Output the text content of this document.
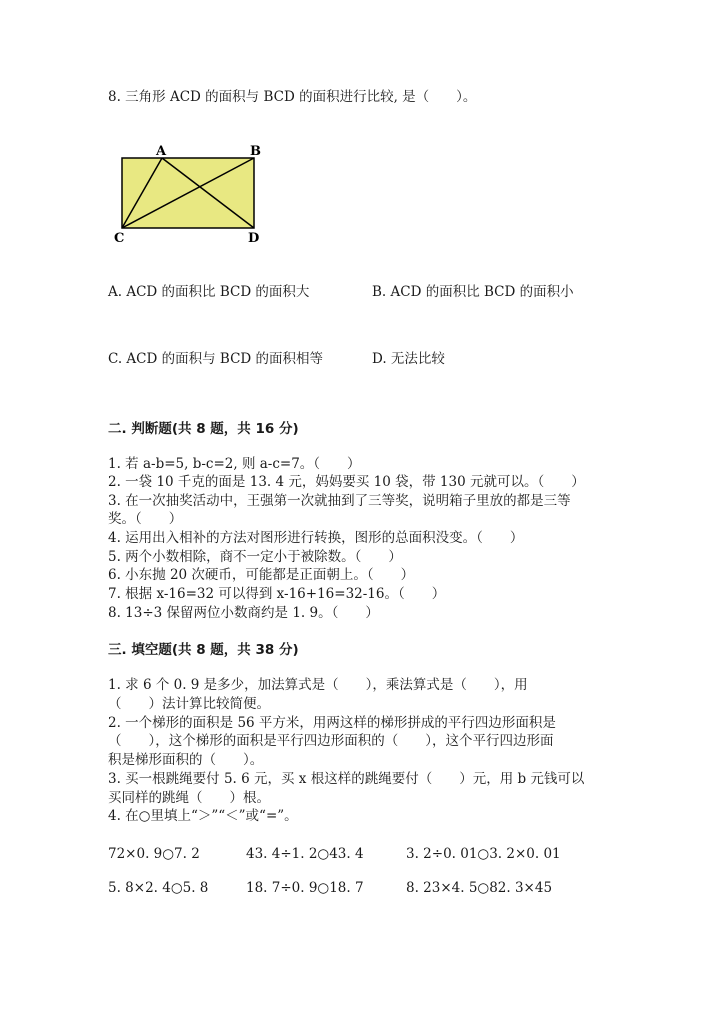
8. 三角形 ACD 的面积与 BCD 的面积进行比较, 是（　　）。
A	B
C	D
A. ACD 的面积比 BCD 的面积大	B. ACD 的面积比 BCD 的面积小
C. ACD 的面积与 BCD 的面积相等	D. 无法比较
二. 判断题(共 8 题，共 16 分)
1. 若 a-b=5, b-c=2, 则 a-c=7。（　　）
2. 一袋 10 千克的面是 13. 4 元，妈妈要买 10 袋，带 130 元就可以。（　　）
3. 在一次抽奖活动中，王强第一次就抽到了三等奖，说明箱子里放的都是三等
奖。（　　）
4. 运用出入相补的方法对图形进行转换，图形的总面积没变。（　　）
5. 两个小数相除，商不一定小于被除数。（　　）
6. 小东抛 20 次硬币，可能都是正面朝上。（　　）
7. 根据 x-16=32 可以得到 x-16+16=32-16。（　　）
8. 13÷3 保留两位小数商约是 1. 9。（　　）
三. 填空题(共 8 题，共 38 分)
1. 求 6 个 0. 9 是多少，加法算式是（　　），乘法算式是（　　），用
（　　）法计算比较简便。
2. 一个梯形的面积是 56 平方米，用两这样的梯形拼成的平行四边形面积是
（　　），这个梯形的面积是平行四边形面积的（　　），这个平行四边形面
积是梯形面积的（　　）。
3. 买一根跳绳要付 5. 6 元，买 x 根这样的跳绳要付（　　）元，用 b 元钱可以
买同样的跳绳（　　）根。
4. 在○里填上“＞”“＜”或“=”。
72×0. 9○7. 2	43. 4÷1. 2○43. 4	3. 2÷0. 01○3. 2×0. 01
5. 8×2. 4○5. 8	18. 7÷0. 9○18. 7	8. 23×4. 5○82. 3×45
